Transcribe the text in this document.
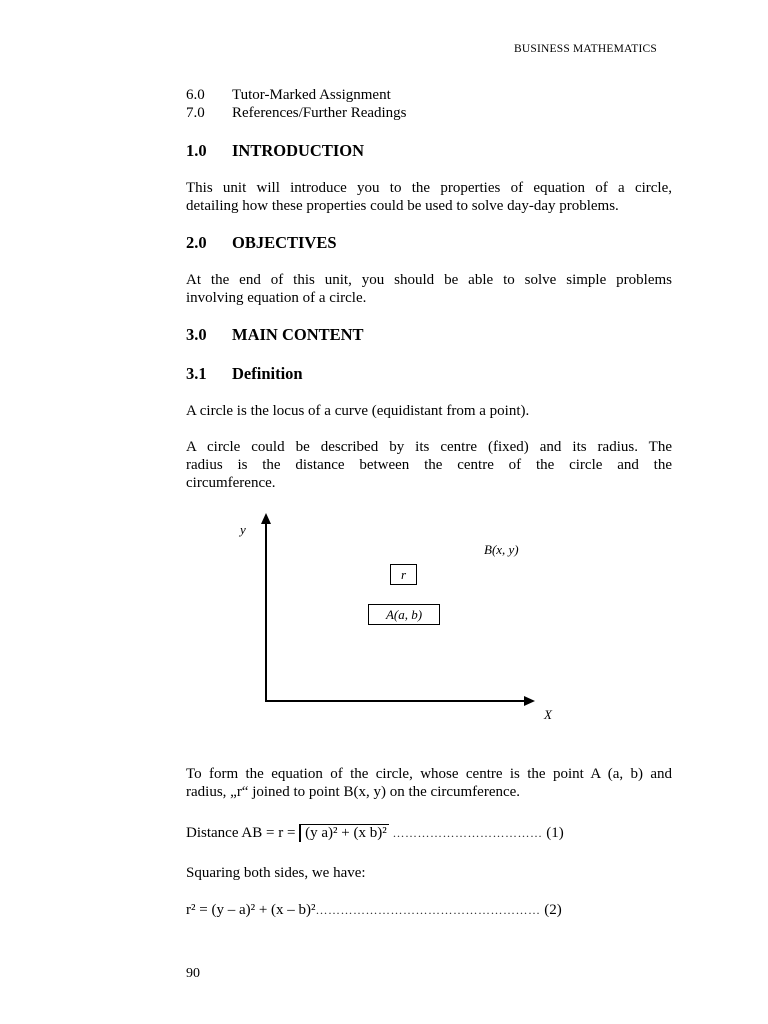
BUSINESS MATHEMATICS
6.0 Tutor-Marked Assignment
7.0 References/Further Readings
1.0 INTRODUCTION
This unit will introduce you to the properties of equation of a circle,
detailing how these properties could be used to solve day-day problems.
2.0 OBJECTIVES
At the end of this unit, you should be able to solve simple problems
involving equation of a circle.
3.0 MAIN CONTENT
3.1 Definition
A circle is the locus of a curve (equidistant from a point).
A circle could be described by its centre (fixed) and its radius. The
radius is the distance between the centre of the circle and the
circumference.
y
X
B(x, y)
r
A(a, b)
To form the equation of the circle, whose centre is the point A (a, b) and
radius, „r“ joined to point B(x, y) on the circumference.
Distance AB = r = (y a)² + (x b)² ……………………………… (1)
Squaring both sides, we have:
r² = (y – a)² + (x – b)²……………………………………………… (2)
90
